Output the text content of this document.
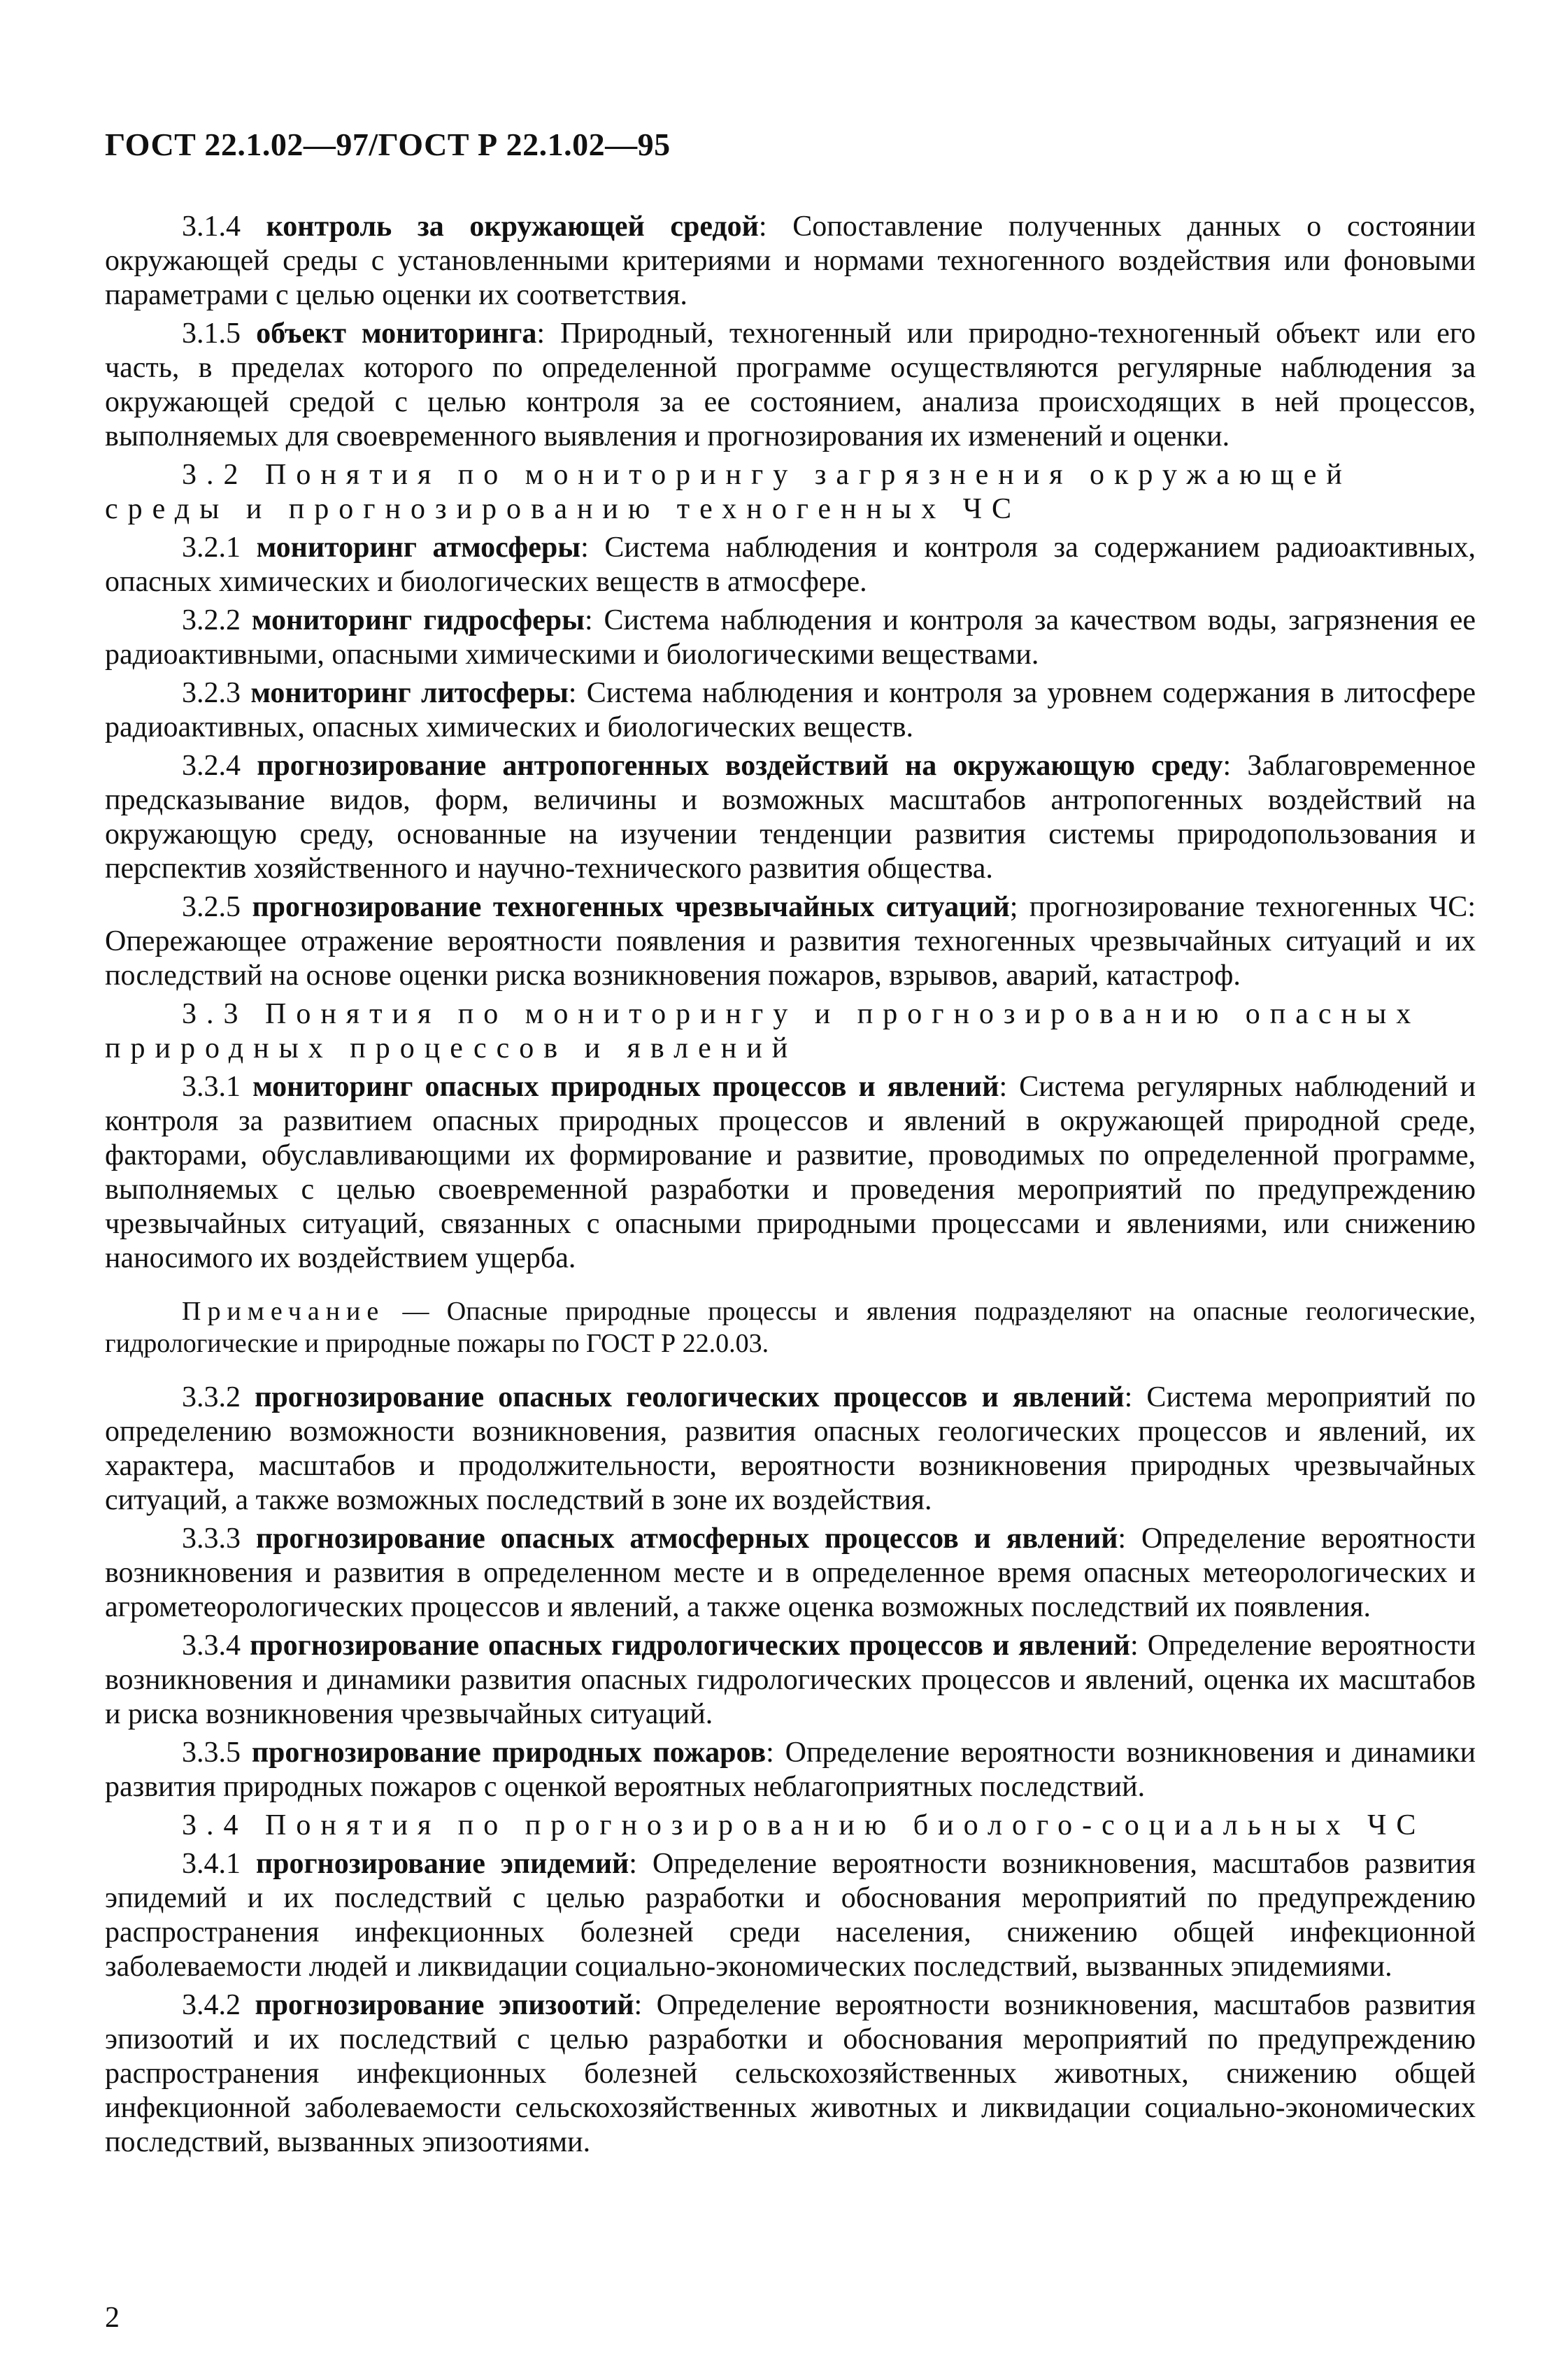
ГОСТ 22.1.02—97/ГОСТ Р 22.1.02—95

3.1.4 контроль за окружающей средой: Сопоставление полученных данных о состоянии окружающей среды с установленными критериями и нормами техногенного воздействия или фоновыми параметрами с целью оценки их соответствия.

3.1.5 объект мониторинга: Природный, техногенный или природно-техногенный объект или его часть, в пределах которого по определенной программе осуществляются регулярные наблюдения за окружающей средой с целью контроля за ее состоянием, анализа происходящих в ней процессов, выполняемых для своевременного выявления и прогнозирования их изменений и оценки.

3.2 Понятия по мониторингу загрязнения окружающей среды и прогнозированию техногенных ЧС

3.2.1 мониторинг атмосферы: Система наблюдения и контроля за содержанием радиоактивных, опасных химических и биологических веществ в атмосфере.

3.2.2 мониторинг гидросферы: Система наблюдения и контроля за качеством воды, загрязнения ее радиоактивными, опасными химическими и биологическими веществами.

3.2.3 мониторинг литосферы: Система наблюдения и контроля за уровнем содержания в литосфере радиоактивных, опасных химических и биологических веществ.

3.2.4 прогнозирование антропогенных воздействий на окружающую среду: Заблаговременное предсказывание видов, форм, величины и возможных масштабов антропогенных воздействий на окружающую среду, основанные на изучении тенденции развития системы природопользования и перспектив хозяйственного и научно-технического развития общества.

3.2.5 прогнозирование техногенных чрезвычайных ситуаций; прогнозирование техногенных ЧС: Опережающее отражение вероятности появления и развития техногенных чрезвычайных ситуаций и их последствий на основе оценки риска возникновения пожаров, взрывов, аварий, катастроф.

3.3 Понятия по мониторингу и прогнозированию опасных природных процессов и явлений

3.3.1 мониторинг опасных природных процессов и явлений: Система регулярных наблюдений и контроля за развитием опасных природных процессов и явлений в окружающей природной среде, факторами, обуславливающими их формирование и развитие, проводимых по определенной программе, выполняемых с целью своевременной разработки и проведения мероприятий по предупреждению чрезвычайных ситуаций, связанных с опасными природными процессами и явлениями, или снижению наносимого их воздействием ущерба.

Примечание — Опасные природные процессы и явления подразделяют на опасные геологические, гидрологические и природные пожары по ГОСТ Р 22.0.03.

3.3.2 прогнозирование опасных геологических процессов и явлений: Система мероприятий по определению возможности возникновения, развития опасных геологических процессов и явлений, их характера, масштабов и продолжительности, вероятности возникновения природных чрезвычайных ситуаций, а также возможных последствий в зоне их воздействия.

3.3.3 прогнозирование опасных атмосферных процессов и явлений: Определение вероятности возникновения и развития в определенном месте и в определенное время опасных метеорологических и агрометеорологических процессов и явлений, а также оценка возможных последствий их появления.

3.3.4 прогнозирование опасных гидрологических процессов и явлений: Определение вероятности возникновения и динамики развития опасных гидрологических процессов и явлений, оценка их масштабов и риска возникновения чрезвычайных ситуаций.

3.3.5 прогнозирование природных пожаров: Определение вероятности возникновения и динамики развития природных пожаров с оценкой вероятных неблагоприятных последствий.

3.4 Понятия по прогнозированию биолого-социальных ЧС

3.4.1 прогнозирование эпидемий: Определение вероятности возникновения, масштабов развития эпидемий и их последствий с целью разработки и обоснования мероприятий по предупреждению распространения инфекционных болезней среди населения, снижению общей инфекционной заболеваемости людей и ликвидации социально-экономических последствий, вызванных эпидемиями.

3.4.2 прогнозирование эпизоотий: Определение вероятности возникновения, масштабов развития эпизоотий и их последствий с целью разработки и обоснования мероприятий по предупреждению распространения инфекционных болезней сельскохозяйственных животных, снижению общей инфекционной заболеваемости сельскохозяйственных животных и ликвидации социально-экономических последствий, вызванных эпизоотиями.

2
